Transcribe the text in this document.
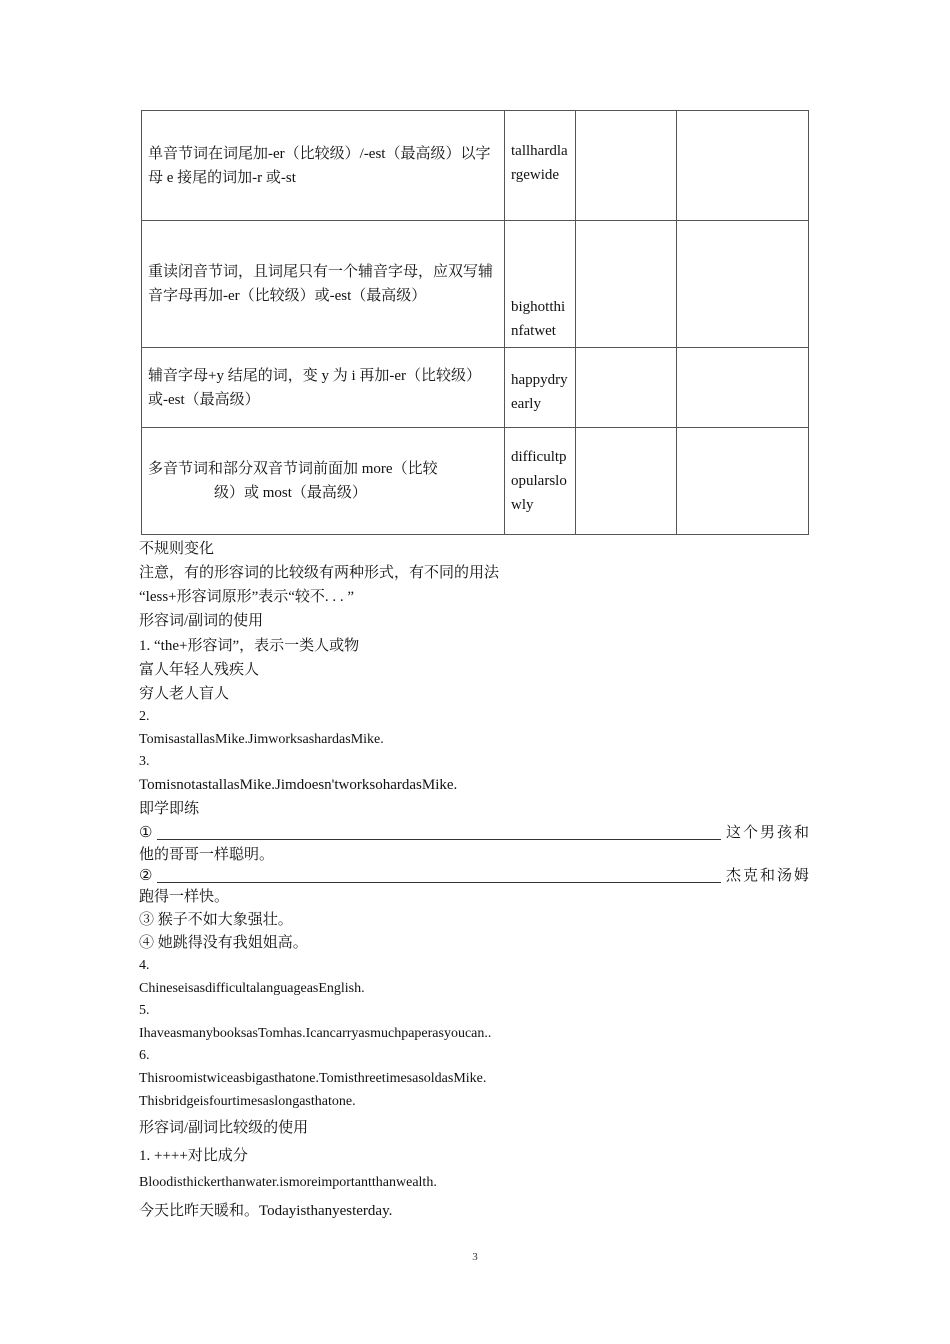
单音节词在词尾加-er（比较级）/-est（最高级）以字母 e 接尾的词加-r 或-st	tallhardlargewide		
重读闭音节词，且词尾只有一个辅音字母，应双写辅音字母再加-er（比较级）或-est（最高级）	bighotthinfatwet		
辅音字母+y 结尾的词，变 y 为 i 再加-er（比较级）或-est（最高级）	happydryearly		

多音节词和部分双音节词前面加 more（比较
级）或 most（最高级）	difficultpopularslowly		
不规则变化
注意，有的形容词的比较级有两种形式，有不同的用法
“less+形容词原形”表示“较不. . . ”
形容词/副词的使用
1. “the+形容词”，表示一类人或物
富人年轻人残疾人
穷人老人盲人
2.
TomisastallasMike.JimworksashardasMike.
3.
TomisnotastallasMike.Jimdoesn'tworksohardasMike.
即学即练
①	这个男孩和
他的哥哥一样聪明。
②	杰克和汤姆
跑得一样快。
③ 猴子不如大象强壮。
④ 她跳得没有我姐姐高。
4.
ChineseisasdifficultalanguageasEnglish.
5.
IhaveasmanybooksasTomhas.Icancarryasmuchpaperasyoucan..
6.
Thisroomistwiceasbigasthatone.TomisthreetimesasoldasMike.
Thisbridgeisfourtimesaslongasthatone.
形容词/副词比较级的使用
1. ++++对比成分
Bloodisthickerthanwater.ismoreimportantthanwealth.
今天比昨天暖和。Todayisthanyesterday.
3
